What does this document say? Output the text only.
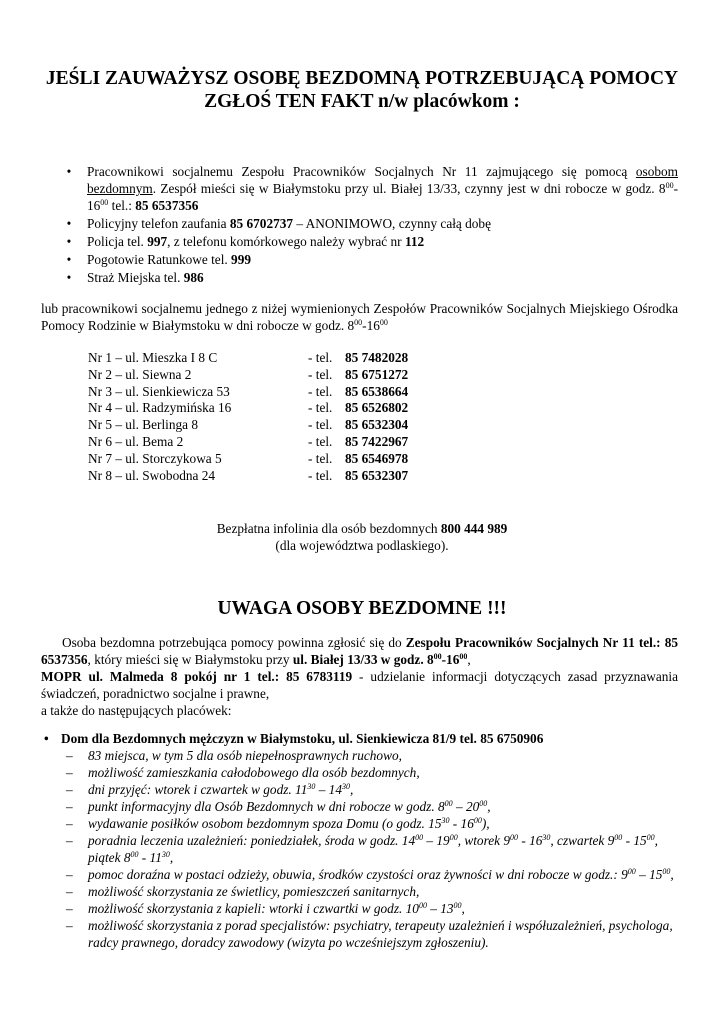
JEŚLI ZAUWAŻYSZ OSOBĘ BEZDOMNĄ POTRZEBUJĄCĄ POMOCY
ZGŁOŚ TEN FAKT n/w placówkom :
•	Pracownikowi socjalnemu Zespołu Pracowników Socjalnych Nr 11 zajmującego się pomocą osobom bezdomnym. Zespół mieści się w Białymstoku przy ul. Białej 13/33, czynny jest w dni robocze w godz. $8^{00}-16^{00}$ tel.: 85 6537356
•	Policyjny telefon zaufania 85 6702737 – ANONIMOWO, czynny całą dobę
•	Policja tel. 997, z telefonu komórkowego należy wybrać nr 112
•	Pogotowie Ratunkowe tel. 999
•	Straż Miejska tel. 986
lub pracownikowi socjalnemu jednego z niżej wymienionych Zespołów Pracowników Socjalnych Miejskiego Ośrodka Pomocy Rodzinie w Białymstoku w dni robocze w godz. $8^{00}-16^{00}$
Nr 1 – ul. Mieszka I 8 C	- tel. 85 7482028
Nr 2 – ul. Siewna 2	- tel. 85 6751272
Nr 3 – ul. Sienkiewicza 53	- tel. 85 6538664
Nr 4 – ul. Radzymińska 16	- tel. 85 6526802
Nr 5 – ul. Berlinga 8	- tel. 85 6532304
Nr 6 – ul. Bema 2	- tel. 85 7422967
Nr 7 – ul. Storczykowa 5	- tel. 85 6546978
Nr 8 – ul. Swobodna 24	- tel. 85 6532307
Bezpłatna infolinia dla osób bezdomnych 800 444 989
(dla województwa podlaskiego).
UWAGA OSOBY BEZDOMNE !!!
Osoba bezdomna potrzebująca pomocy powinna zgłosić się do Zespołu Pracowników Socjalnych Nr 11 tel.: 85 6537356, który mieści się w Białymstoku przy ul. Białej 13/33 w godz. $8^{00}-16^{00}$,
MOPR ul. Malmeda 8 pokój nr 1 tel.: 85 6783119 - udzielanie informacji dotyczących zasad przyznawania świadczeń, poradnictwo socjalne i prawne,
a także do następujących placówek:
• Dom dla Bezdomnych mężczyzn w Białymstoku, ul. Sienkiewicza 81/9 tel. 85 6750906
– 83 miejsca, w tym 5 dla osób niepełnosprawnych ruchowo,
– możliwość zamieszkania całodobowego dla osób bezdomnych,
– dni przyjęć: wtorek i czwartek w godz. $11^{30} - 14^{30}$,
– punkt informacyjny dla Osób Bezdomnych w dni robocze w godz. $8^{00} - 20^{00}$,
– wydawanie posiłków osobom bezdomnym spoza Domu (o godz. $15^{30} - 16^{00}$),
– poradnia leczenia uzależnień: poniedziałek, środa w godz. $14^{00} - 19^{00}$, wtorek $9^{00} - 16^{30}$, czwartek $9^{00} - 15^{00}$, piątek $8^{00} - 11^{30}$,
– pomoc doraźna w postaci odzieży, obuwia, środków czystości oraz żywności w dni robocze w godz.: $9^{00} - 15^{00}$,
– możliwość skorzystania ze świetlicy, pomieszczeń sanitarnych,
– możliwość skorzystania z kapieli: wtorki i czwartki w godz. $10^{00} - 13^{00}$,
– możliwość skorzystania z porad specjalistów: psychiatry, terapeuty uzależnień i współuzależnień, psychologa, radcy prawnego, doradcy zawodowy (wizyta po wcześniejszym zgłoszeniu).
